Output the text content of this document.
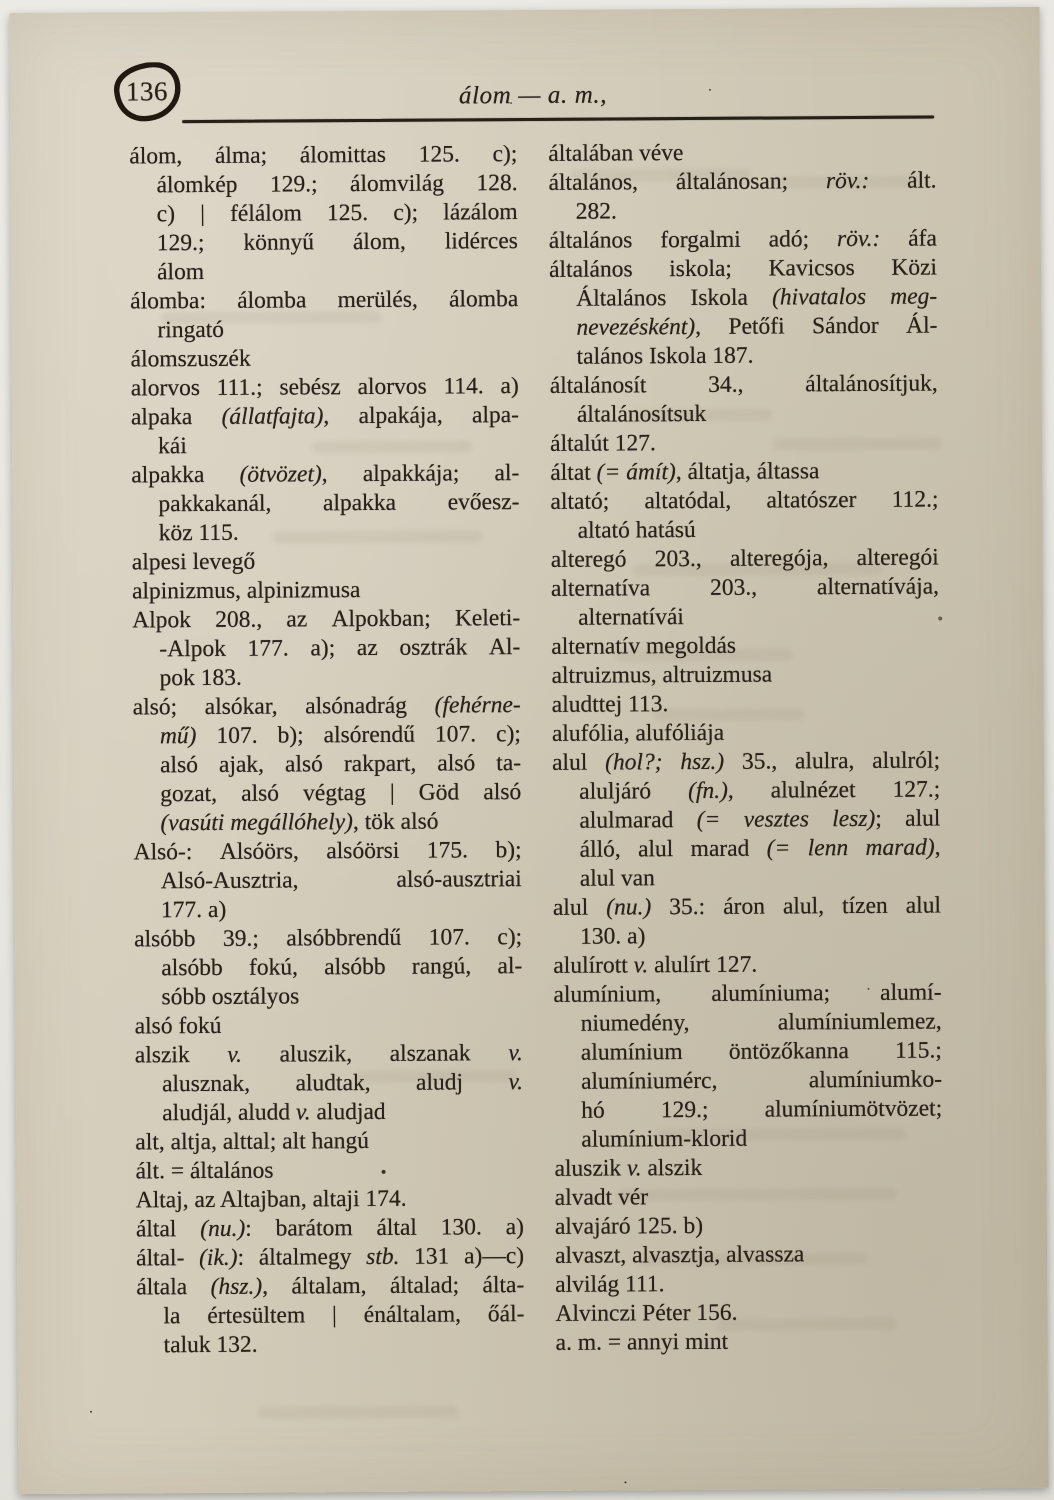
136	álom — a. m.,
álom, álma; álomittas 125. c);
álomkép 129.; álomvilág 128.
c) | félálom 125. c); lázálom
129.; könnyű álom, lidérces
álom
álomba: álomba merülés, álomba
ringató
álomszuszék
alorvos 111.; sebész alorvos 114. a)
alpaka (állatfajta), alpakája, alpa-
kái
alpakka (ötvözet), alpakkája; al-
pakkakanál, alpakka evőesz-
köz 115.
alpesi levegő
alpinizmus, alpinizmusa
Alpok 208., az Alpokban; Keleti-
-Alpok 177. a); az osztrák Al-
pok 183.
alsó; alsókar, alsónadrág (fehérne-
mű) 107. b); alsórendű 107. c);
alsó ajak, alsó rakpart, alsó ta-
gozat, alsó végtag | Göd alsó
(vasúti megállóhely), tök alsó
Alsó-: Alsóörs, alsóörsi 175. b);
Alsó-Ausztria,	alsó-ausztriai
177. a)
alsóbb 39.; alsóbbrendű 107. c);
alsóbb fokú, alsóbb rangú, al-
sóbb osztályos
alsó fokú
alszik v. aluszik, alszanak v.
alusznak, aludtak, aludj v.
aludjál, aludd v. aludjad
alt, altja, alttal; alt hangú
ált. = általános
Altaj, az Altajban, altaji 174.
által (nu.): barátom által 130. a)
által- (ik.): általmegy stb. 131 a)—c)
általa (hsz.), általam, általad; álta-
la értesültem | énáltalam, őál-
taluk 132.
általában véve
általános, általánosan; röv.: ált.
282.
általános forgalmi adó; röv.: áfa
általános iskola; Kavicsos Közi
Általános Iskola (hivatalos meg-
nevezésként), Petőfi Sándor Ál-
talános Iskola 187.
általánosít	34.,	általánosítjuk,
általánosítsuk
általút 127.
áltat (= ámít), áltatja, áltassa
altató; altatódal, altatószer 112.;
altató hatású
alteregó 203., alteregója, alteregói
alternatíva	203.,	alternatívája,
alternatívái
alternatív megoldás
altruizmus, altruizmusa
aludttej 113.
alufólia, alufóliája
alul (hol?; hsz.) 35., alulra, alulról;
aluljáró (fn.), alulnézet 127.;
alulmarad (= vesztes lesz); alul
álló, alul marad (= lenn marad),
alul van
alul (nu.) 35.: áron alul, tízen alul
130. a)
alulírott v. alulírt 127.
alumínium, alumíniuma; alumí-
niumedény,	alumíniumlemez,
alumínium öntözőkanna 115.;
alumíniumérc,	alumíniumko-
hó 129.; alumíniumötvözet;
alumínium-klorid
aluszik v. alszik
alvadt vér
alvajáró 125. b)
alvaszt, alvasztja, alvassza
alvilág 111.
Alvinczi Péter 156.
a. m. = annyi mint
